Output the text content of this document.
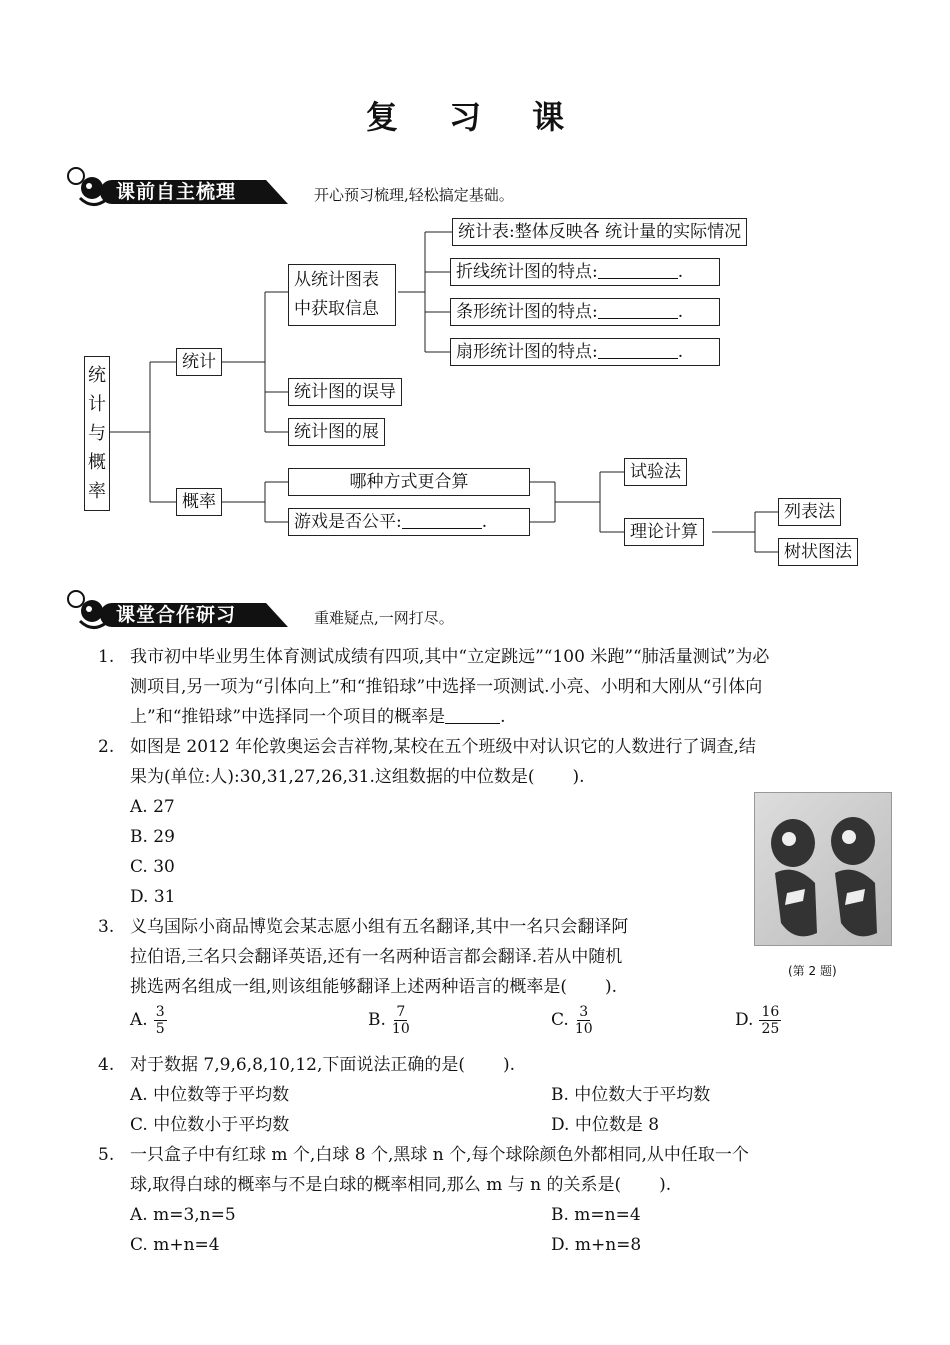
复 习 课
课前自主梳理	开心预习梳理,轻松搞定基础。
统计与概率
统计
概率
从统计图表中获取信息
统计表:整体反映各 统计量的实际情况
折线统计图的特点:	.
条形统计图的特点:	.
扇形统计图的特点:	.
统计图的误导
统计图的展
哪种方式更合算
游戏是否公平:	.
试验法
理论计算
列表法
树状图法
课堂合作研习	重难疑点,一网打尽。
1. 我市初中毕业男生体育测试成绩有四项,其中“立定跳远”“100 米跑”“肺活量测试”为必
测项目,另一项为“引体向上”和“推铅球”中选择一项测试.小亮、小明和大刚从“引体向
上”和“推铅球”中选择同一个项目的概率是	.
2. 如图是 2012 年伦敦奥运会吉祥物,某校在五个班级中对认识它的人数进行了调查,结
果为(单位:人):30,31,27,26,31.这组数据的中位数是( ).
A. 27
B. 29
C. 30
D. 31
(第 2 题)
3. 义乌国际小商品博览会某志愿小组有五名翻译,其中一名只会翻译阿
拉伯语,三名只会翻译英语,还有一名两种语言都会翻译.若从中随机
挑选两名组成一组,则该组能够翻译上述两种语言的概率是( ).
A. $\frac{3}{5}$	B. $\frac{7}{10}$	C. $\frac{3}{10}$	D. $\frac{16}{25}$
4. 对于数据 7,9,6,8,10,12,下面说法正确的是( ).
A. 中位数等于平均数	B. 中位数大于平均数
C. 中位数小于平均数	D. 中位数是 8
5. 一只盒子中有红球 m 个,白球 8 个,黑球 n 个,每个球除颜色外都相同,从中任取一个
球,取得白球的概率与不是白球的概率相同,那么 m 与 n 的关系是( ).
A. m=3,n=5	B. m=n=4
C. m+n=4	D. m+n=8
